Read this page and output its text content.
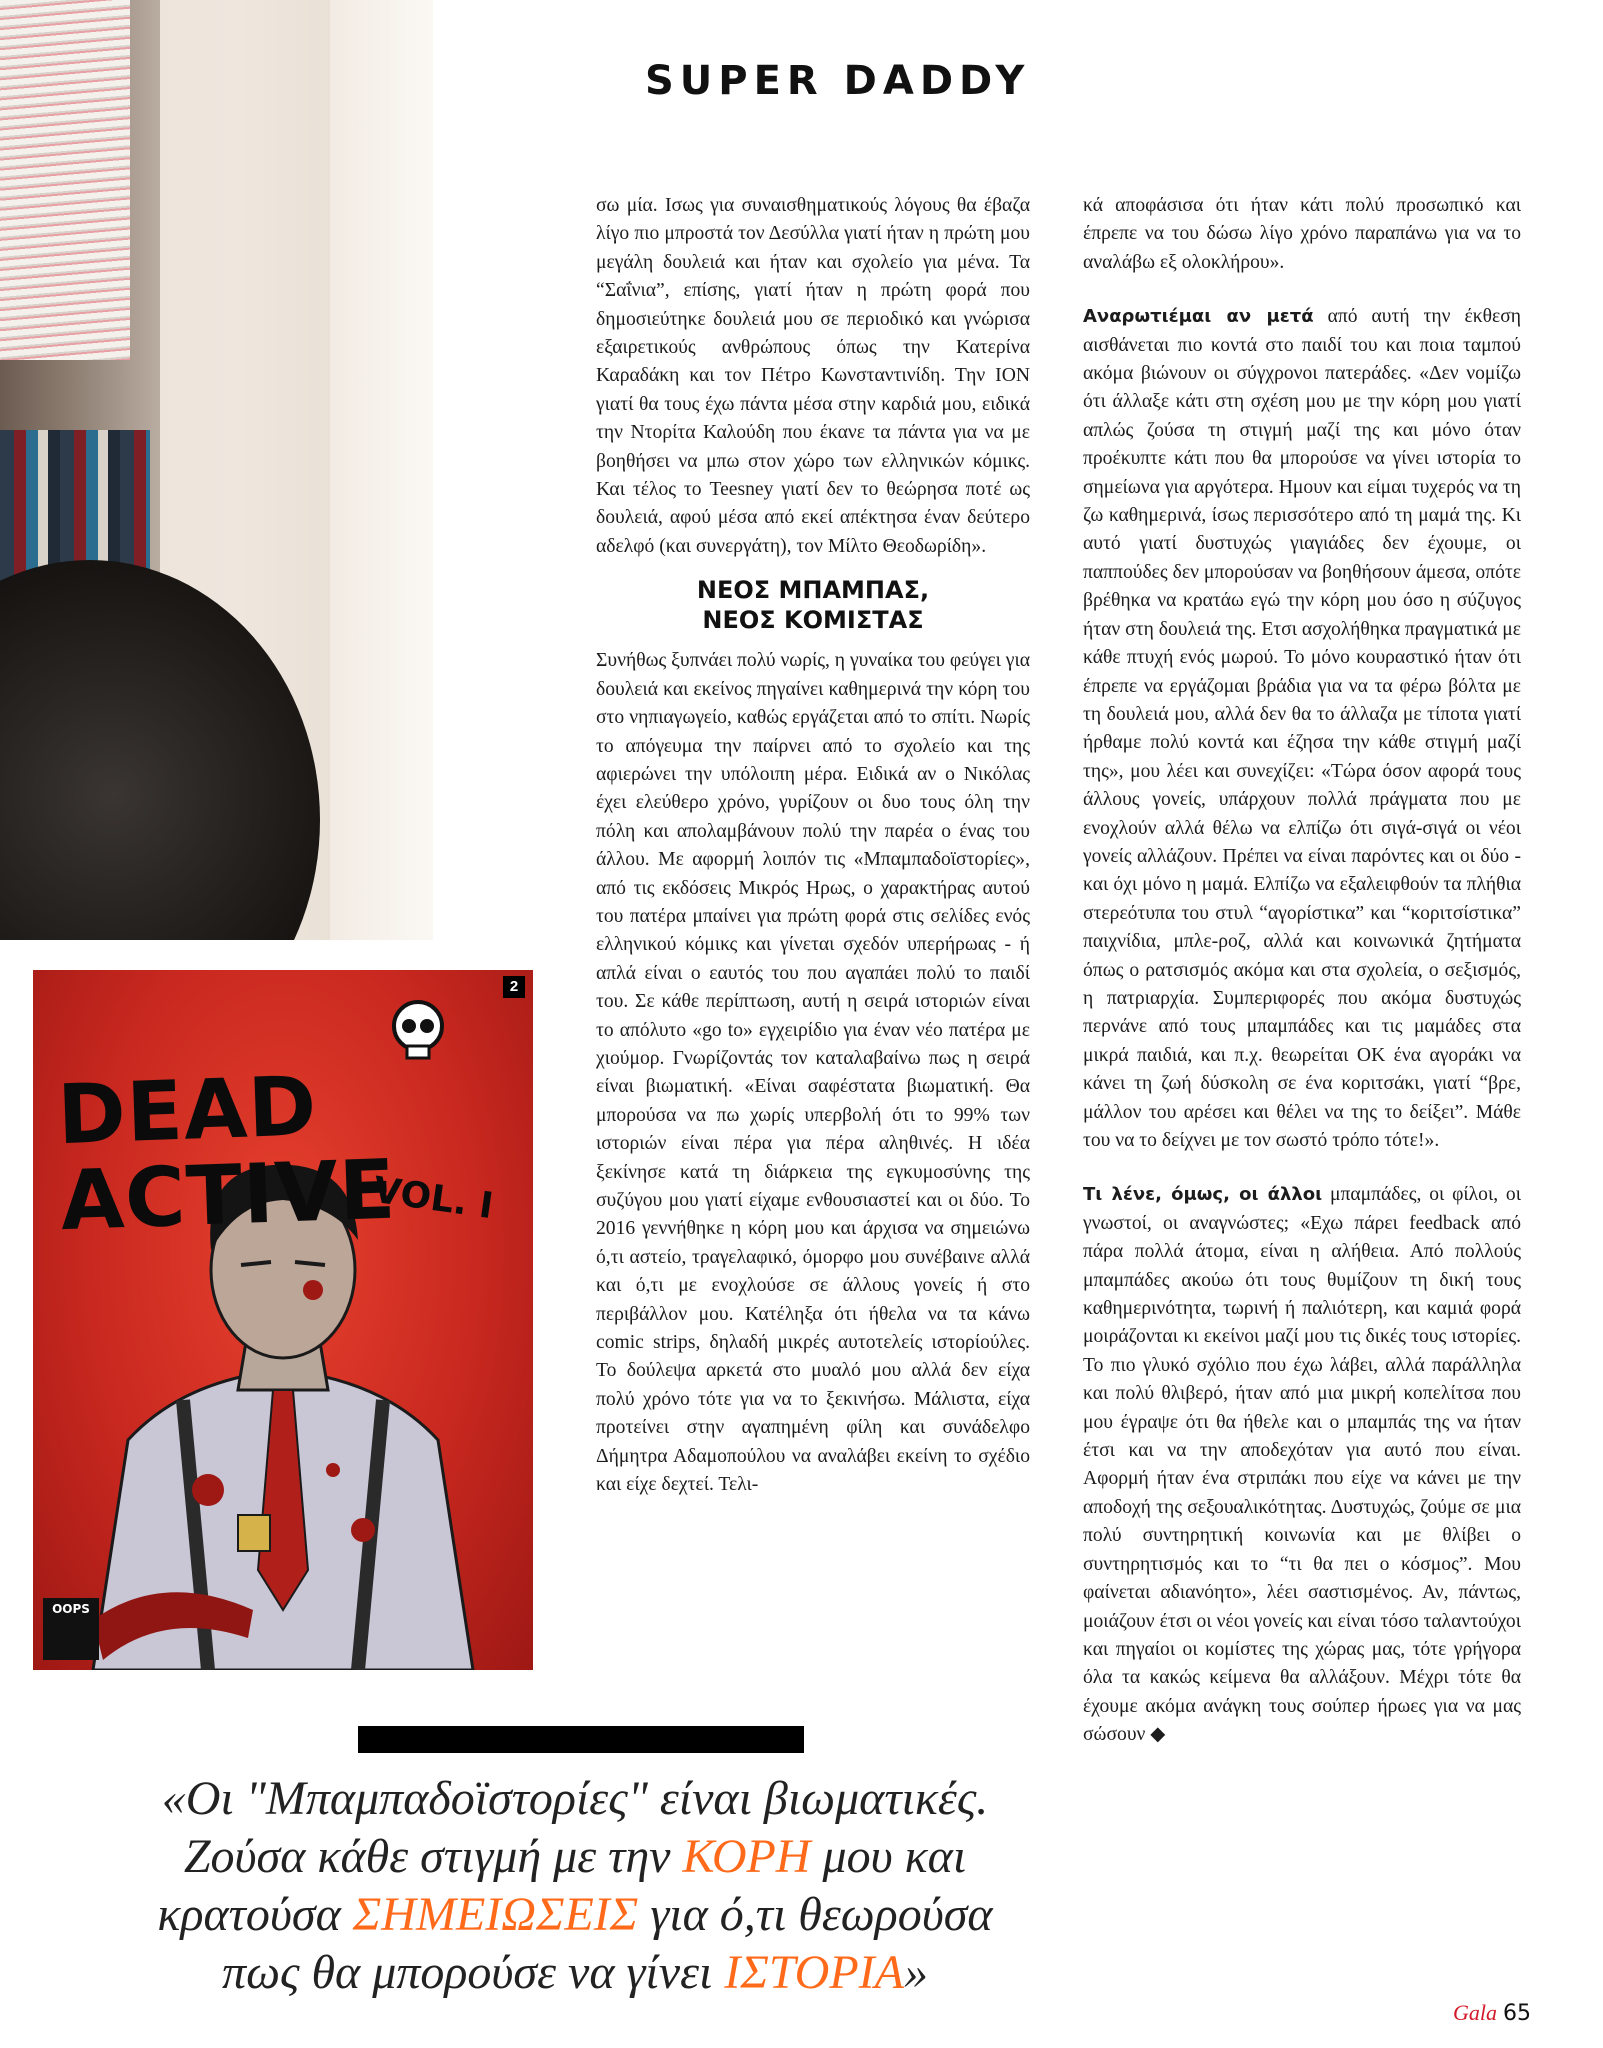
2
DEAD ACTIVE
VOL. I
OOPS
SUPER DADDY

σω μία. Ισως για συναισθηματικούς λόγους θα έβαζα λίγο πιο μπροστά τον Δεσύλλα γιατί ήταν η πρώτη μου μεγάλη δουλειά και ήταν και σχολείο για μένα. Τα “Σαΐνια”, επίσης, γιατί ήταν η πρώτη φορά που δημοσιεύτηκε δουλειά μου σε περιοδικό και γνώρισα εξαιρετικούς ανθρώπους όπως την Κατερίνα Καραδάκη και τον Πέτρο Κωνσταντινίδη. Την ΙΟΝ γιατί θα τους έχω πάντα μέσα στην καρδιά μου, ειδικά την Ντορίτα Καλούδη που έκανε τα πάντα για να με βοηθήσει να μπω στον χώρο των ελληνικών κόμικς. Και τέλος το Teesney γιατί δεν το θεώρησα ποτέ ως δουλειά, αφού μέσα από εκεί απέκτησα έναν δεύτερο αδελφό (και συνεργάτη), τον Μίλτο Θεοδωρίδη».

ΝΕΟΣ ΜΠΑΜΠΑΣ,
ΝΕΟΣ ΚΟΜΙΣΤΑΣ

Συνήθως ξυπνάει πολύ νωρίς, η γυναίκα του φεύγει για δουλειά και εκείνος πηγαίνει καθημερινά την κόρη του στο νηπιαγωγείο, καθώς εργάζεται από το σπίτι. Νωρίς το απόγευμα την παίρνει από το σχολείο και της αφιερώνει την υπόλοιπη μέρα. Ειδικά αν ο Νικόλας έχει ελεύθερο χρόνο, γυρίζουν οι δυο τους όλη την πόλη και απολαμβάνουν πολύ την παρέα ο ένας του άλλου. Με αφορμή λοιπόν τις «Μπαμπαδοϊστορίες», από τις εκδόσεις Μικρός Ηρως, ο χαρακτήρας αυτού του πατέρα μπαίνει για πρώτη φορά στις σελίδες ενός ελληνικού κόμικς και γίνεται σχεδόν υπερήρωας - ή απλά είναι ο εαυτός του που αγαπάει πολύ το παιδί του. Σε κάθε περίπτωση, αυτή η σειρά ιστοριών είναι το απόλυτο «go to» εγχειρίδιο για έναν νέο πατέρα με χιούμορ. Γνωρίζοντάς τον καταλαβαίνω πως η σειρά είναι βιωματική. «Είναι σαφέστατα βιωματική. Θα μπορούσα να πω χωρίς υπερβολή ότι το 99% των ιστοριών είναι πέρα για πέρα αληθινές. Η ιδέα ξεκίνησε κατά τη διάρκεια της εγκυμοσύνης της συζύγου μου γιατί είχαμε ενθουσιαστεί και οι δύο. Το 2016 γεννήθηκε η κόρη μου και άρχισα να σημειώνω ό,τι αστείο, τραγελαφικό, όμορφο μου συνέβαινε αλλά και ό,τι με ενοχλούσε σε άλλους γονείς ή στο περιβάλλον μου. Κατέληξα ότι ήθελα να τα κάνω comic strips, δηλαδή μικρές αυτοτελείς ιστορίούλες. Το δούλεψα αρκετά στο μυαλό μου αλλά δεν είχα πολύ χρόνο τότε για να το ξεκινήσω. Μάλιστα, είχα προτείνει στην αγαπημένη φίλη και συνάδελφο Δήμητρα Αδαμοπούλου να αναλάβει εκείνη το σχέδιο και είχε δεχτεί. Τελι-

κά αποφάσισα ότι ήταν κάτι πολύ προσωπικό και έπρεπε να του δώσω λίγο χρόνο παραπάνω για να το αναλάβω εξ ολοκλήρου».

Αναρωτιέμαι αν μετά από αυτή την έκθεση αισθάνεται πιο κοντά στο παιδί του και ποια ταμπού ακόμα βιώνουν οι σύγχρονοι πατεράδες. «Δεν νομίζω ότι άλλαξε κάτι στη σχέση μου με την κόρη μου γιατί απλώς ζούσα τη στιγμή μαζί της και μόνο όταν προέκυπτε κάτι που θα μπορούσε να γίνει ιστορία το σημείωνα για αργότερα. Ημουν και είμαι τυχερός να τη ζω καθημερινά, ίσως περισσότερο από τη μαμά της. Κι αυτό γιατί δυστυχώς γιαγιάδες δεν έχουμε, οι παππούδες δεν μπορούσαν να βοηθήσουν άμεσα, οπότε βρέθηκα να κρατάω εγώ την κόρη μου όσο η σύζυγος ήταν στη δουλειά της. Ετσι ασχολήθηκα πραγματικά με κάθε πτυχή ενός μωρού. Το μόνο κουραστικό ήταν ότι έπρεπε να εργάζομαι βράδια για να τα φέρω βόλτα με τη δουλειά μου, αλλά δεν θα το άλλαζα με τίποτα γιατί ήρθαμε πολύ κοντά και έζησα την κάθε στιγμή μαζί της», μου λέει και συνεχίζει: «Τώρα όσον αφορά τους άλλους γονείς, υπάρχουν πολλά πράγματα που με ενοχλούν αλλά θέλω να ελπίζω ότι σιγά-σιγά οι νέοι γονείς αλλάζουν. Πρέπει να είναι παρόντες και οι δύο - και όχι μόνο η μαμά. Ελπίζω να εξαλειφθούν τα πλήθια στερεότυπα του στυλ “αγορίστικα” και “κοριτσίστικα” παιχνίδια, μπλε-ροζ, αλλά και κοινωνικά ζητήματα όπως ο ρατσισμός ακόμα και στα σχολεία, ο σεξισμός, η πατριαρχία. Συμπεριφορές που ακόμα δυστυχώς περνάνε από τους μπαμπάδες και τις μαμάδες στα μικρά παιδιά, και π.χ. θεωρείται ΟΚ ένα αγοράκι να κάνει τη ζωή δύσκολη σε ένα κοριτσάκι, γιατί “βρε, μάλλον του αρέσει και θέλει να της το δείξει”. Μάθε του να το δείχνει με τον σωστό τρόπο τότε!».

Τι λένε, όμως, οι άλλοι μπαμπάδες, οι φίλοι, οι γνωστοί, οι αναγνώστες; «Εχω πάρει feedback από πάρα πολλά άτομα, είναι η αλήθεια. Από πολλούς μπαμπάδες ακούω ότι τους θυμίζουν τη δική τους καθημερινότητα, τωρινή ή παλιότερη, και καμιά φορά μοιράζονται κι εκείνοι μαζί μου τις δικές τους ιστορίες. Το πιο γλυκό σχόλιο που έχω λάβει, αλλά παράλληλα και πολύ θλιβερό, ήταν από μια μικρή κοπελίτσα που μου έγραψε ότι θα ήθελε και ο μπαμπάς της να ήταν έτσι και να την αποδεχόταν για αυτό που είναι. Αφορμή ήταν ένα στριπάκι που είχε να κάνει με την αποδοχή της σεξουαλικότητας. Δυστυχώς, ζούμε σε μια πολύ συντηρητική κοινωνία και με θλίβει ο συντηρητισμός και το “τι θα πει ο κόσμος”. Μου φαίνεται αδιανόητο», λέει σαστισμένος. Αν, πάντως, μοιάζουν έτσι οι νέοι γονείς και είναι τόσο ταλαντούχοι και πηγαίοι οι κομίστες της χώρας μας, τότε γρήγορα όλα τα κακώς κείμενα θα αλλάξουν. Μέχρι τότε θα έχουμε ακόμα ανάγκη τους σούπερ ήρωες για να μας σώσουν ◆

«Οι "Μπαμπαδοϊστορίες" είναι βιωματικές. Ζούσα κάθε στιγμή με την ΚΟΡΗ μου και κρατούσα ΣΗΜΕΙΩΣΕΙΣ για ό,τι θεωρούσα πως θα μπορούσε να γίνει ΙΣΤΟΡΙΑ»
Gala 65
